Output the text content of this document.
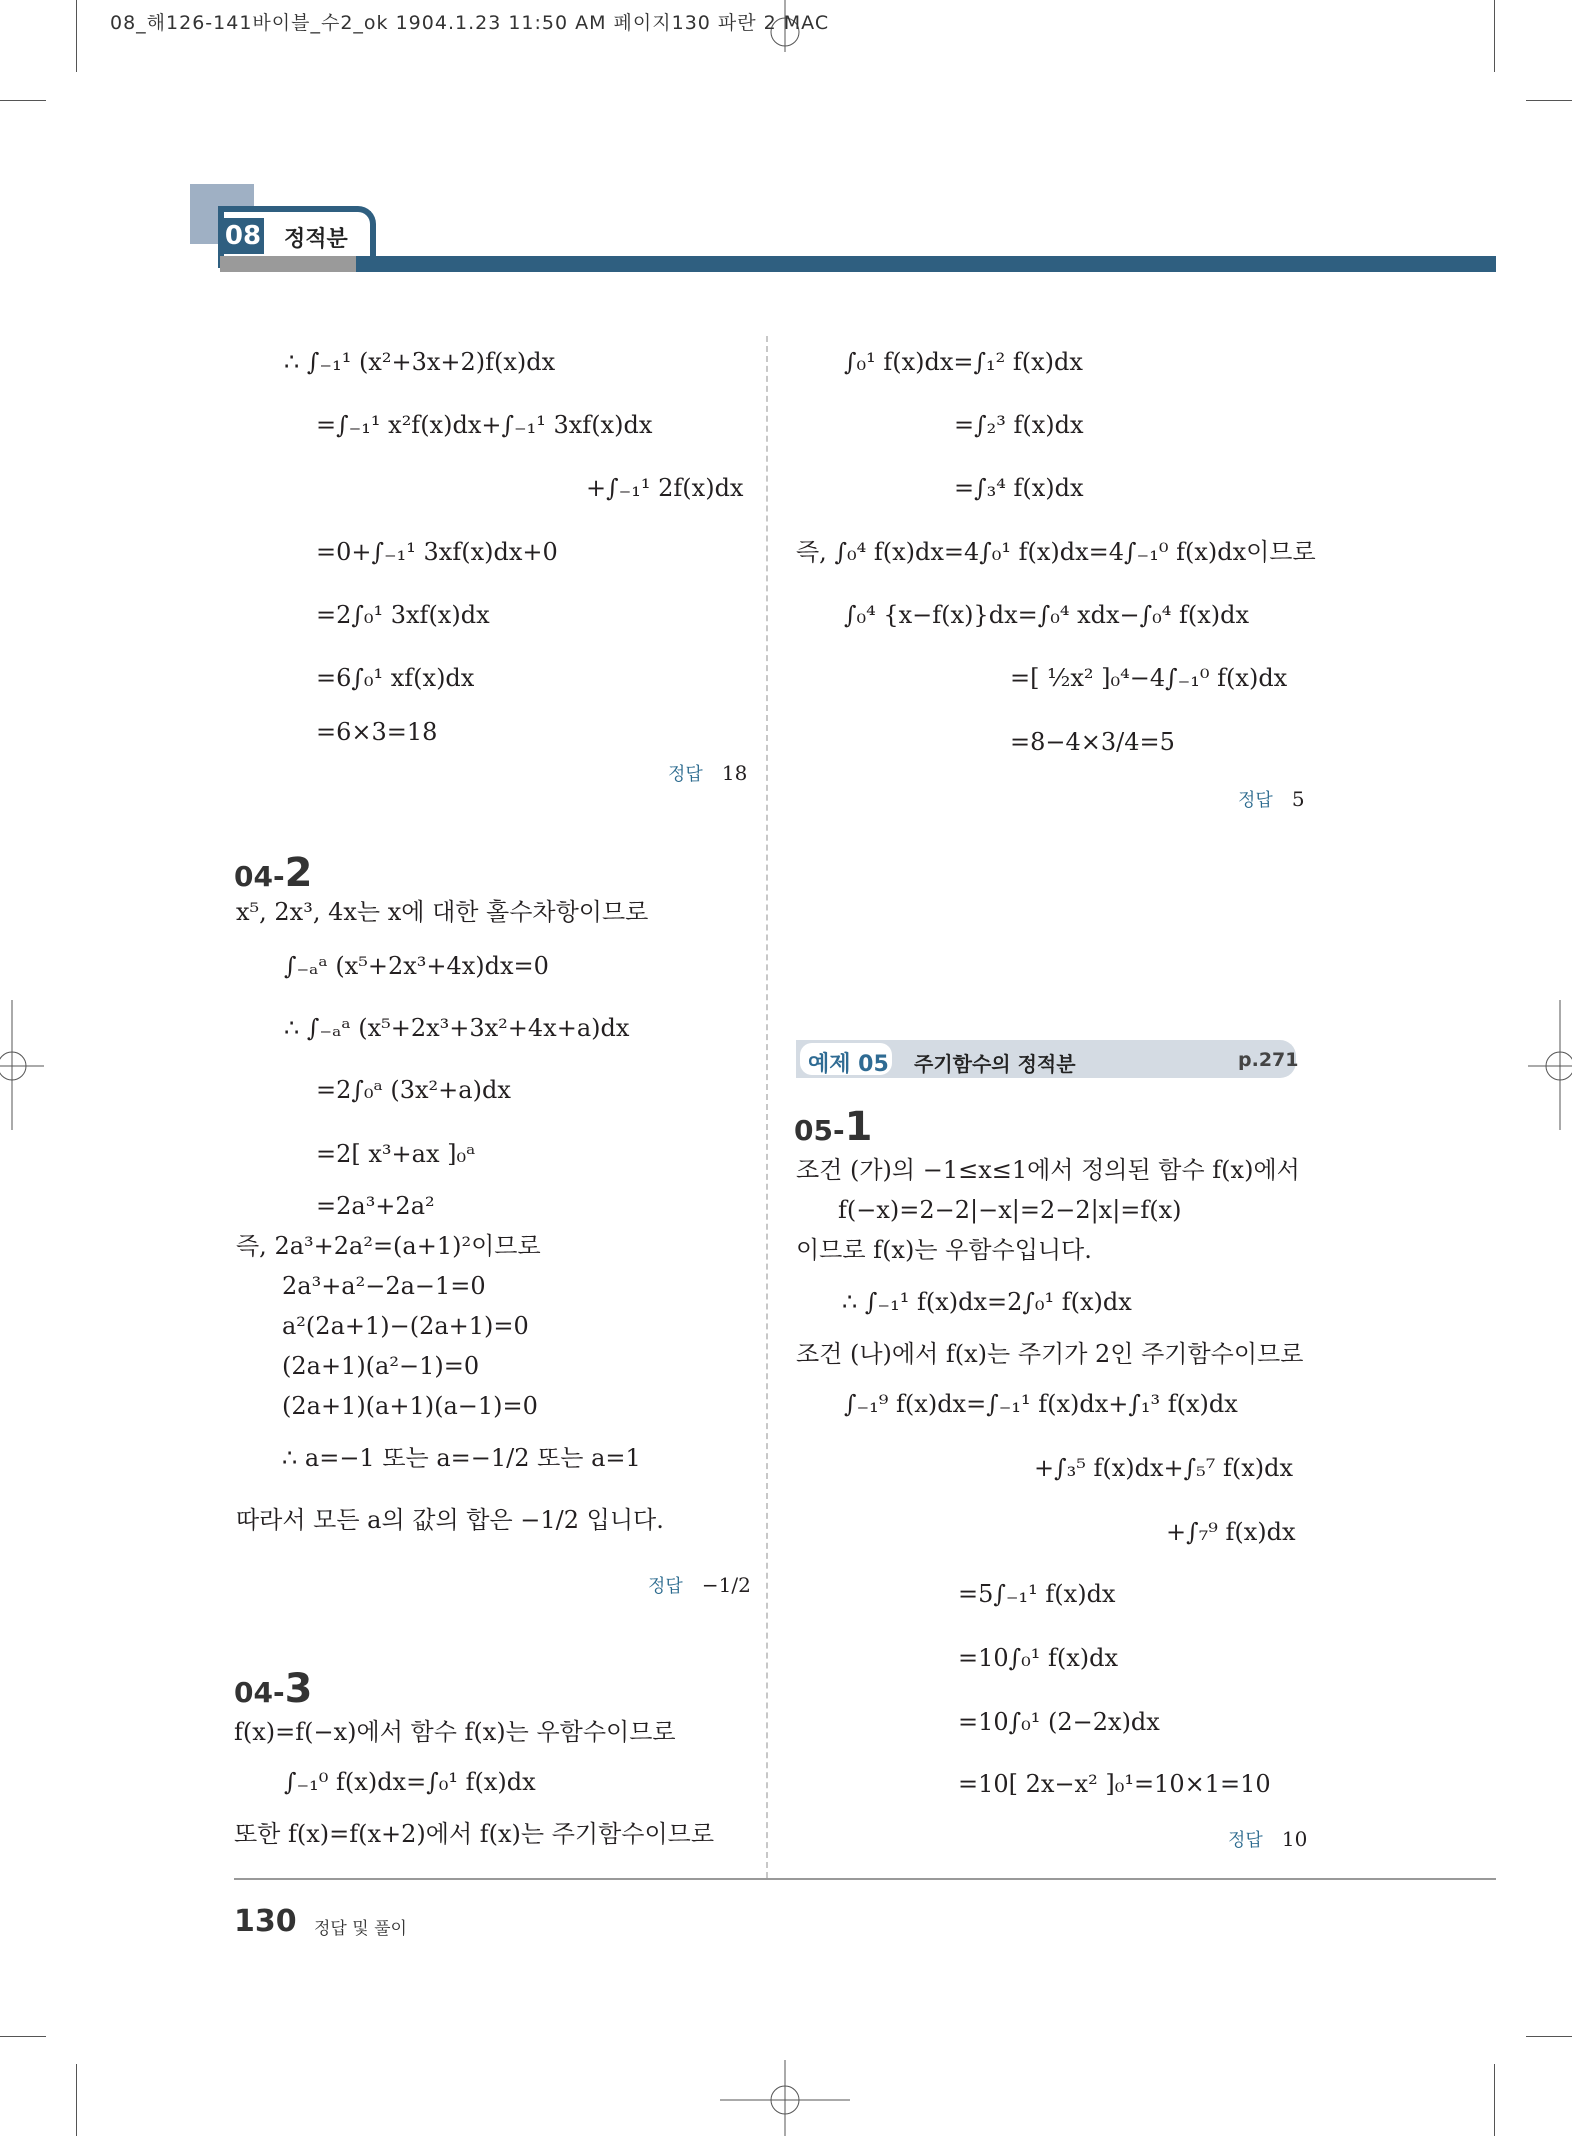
08_해126-141바이블_수2_ok 1904.1.23 11:50 AM 페이지130 파란 2 MAC
08 정적분
∴ ∫₋₁¹ (x²+3x+2)f(x)dx
=∫₋₁¹ x²f(x)dx+∫₋₁¹ 3xf(x)dx
+∫₋₁¹ 2f(x)dx
=0+∫₋₁¹ 3xf(x)dx+0
=2∫₀¹ 3xf(x)dx
=6∫₀¹ xf(x)dx
=6×3=18
정답 18
04-2
x⁵, 2x³, 4x는 x에 대한 홀수차항이므로
∫₋ₐᵃ (x⁵+2x³+4x)dx=0
∴ ∫₋ₐᵃ (x⁵+2x³+3x²+4x+a)dx
=2∫₀ᵃ (3x²+a)dx
=2[ x³+ax ]₀ᵃ
=2a³+2a²
즉, 2a³+2a²=(a+1)²이므로
2a³+a²−2a−1=0
a²(2a+1)−(2a+1)=0
(2a+1)(a²−1)=0
(2a+1)(a+1)(a−1)=0
∴ a=−1 또는 a=−1/2 또는 a=1
따라서 모든 a의 값의 합은 −1/2 입니다.
정답 −1/2
04-3
f(x)=f(−x)에서 함수 f(x)는 우함수이므로
∫₋₁⁰ f(x)dx=∫₀¹ f(x)dx
또한 f(x)=f(x+2)에서 f(x)는 주기함수이므로
∫₀¹ f(x)dx=∫₁² f(x)dx
=∫₂³ f(x)dx
=∫₃⁴ f(x)dx
즉, ∫₀⁴ f(x)dx=4∫₀¹ f(x)dx=4∫₋₁⁰ f(x)dx이므로
∫₀⁴ {x−f(x)}dx=∫₀⁴ xdx−∫₀⁴ f(x)dx
=[ ½x² ]₀⁴−4∫₋₁⁰ f(x)dx
=8−4×3/4=5
정답 5
예제 05 주기함수의 정적분	p.271
05-1
조건 (가)의 −1≤x≤1에서 정의된 함수 f(x)에서
f(−x)=2−2|−x|=2−2|x|=f(x)
이므로 f(x)는 우함수입니다.
∴ ∫₋₁¹ f(x)dx=2∫₀¹ f(x)dx
조건 (나)에서 f(x)는 주기가 2인 주기함수이므로
∫₋₁⁹ f(x)dx=∫₋₁¹ f(x)dx+∫₁³ f(x)dx
+∫₃⁵ f(x)dx+∫₅⁷ f(x)dx
+∫₇⁹ f(x)dx
=5∫₋₁¹ f(x)dx
=10∫₀¹ f(x)dx
=10∫₀¹ (2−2x)dx
=10[ 2x−x² ]₀¹=10×1=10
정답 10
130 정답 및 풀이
